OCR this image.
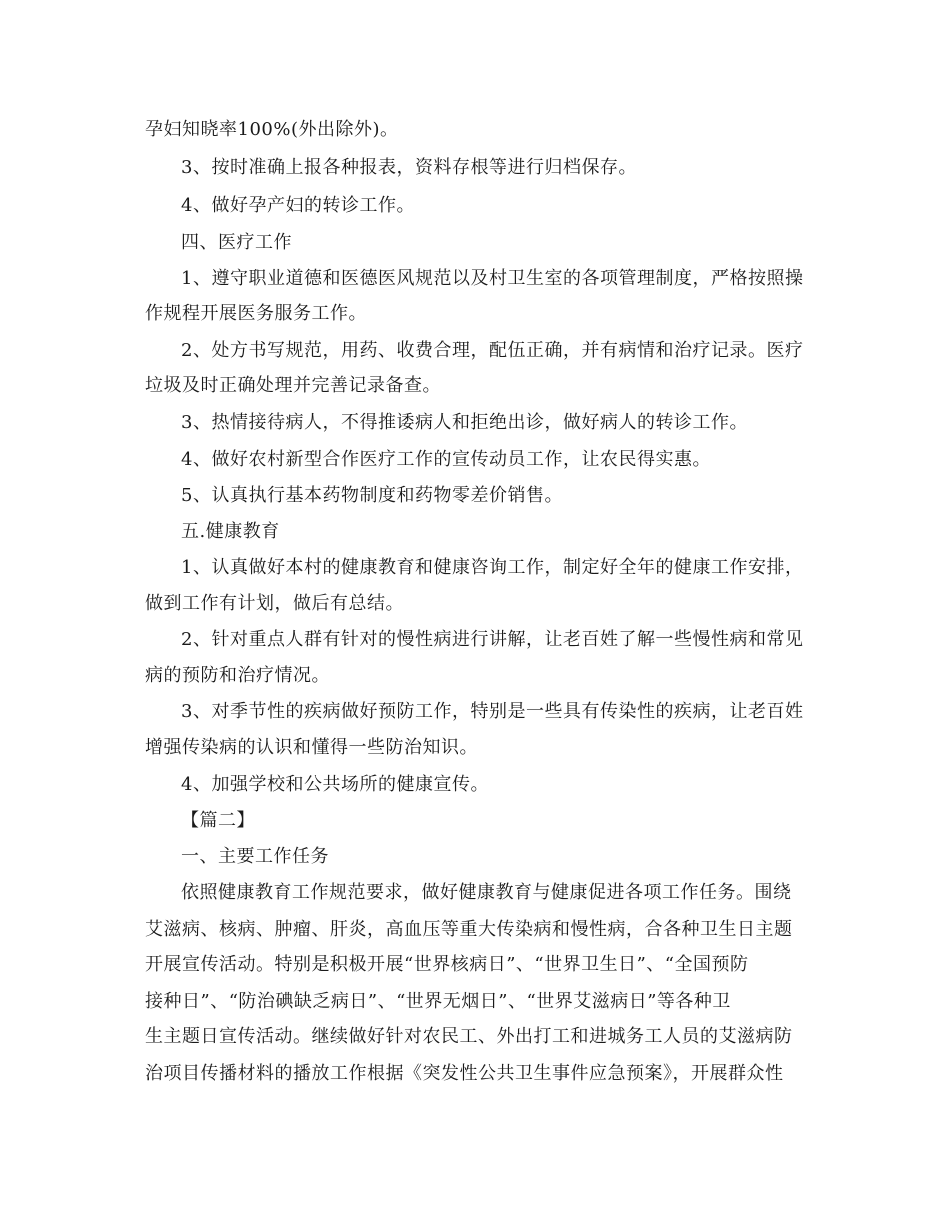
孕妇知晓率100%(外出除外)。
3、按时准确上报各种报表，资料存根等进行归档保存。
4、做好孕产妇的转诊工作。
四、医疗工作
1、遵守职业道德和医德医风规范以及村卫生室的各项管理制度，严格按照操
作规程开展医务服务工作。
2、处方书写规范，用药、收费合理，配伍正确，并有病情和治疗记录。医疗
垃圾及时正确处理并完善记录备查。
3、热情接待病人，不得推诿病人和拒绝出诊，做好病人的转诊工作。
4、做好农村新型合作医疗工作的宣传动员工作，让农民得实惠。
5、认真执行基本药物制度和药物零差价销售。
五.健康教育
1、认真做好本村的健康教育和健康咨询工作，制定好全年的健康工作安排，
做到工作有计划，做后有总结。
2、针对重点人群有针对的慢性病进行讲解，让老百姓了解一些慢性病和常见
病的预防和治疗情况。
3、对季节性的疾病做好预防工作，特别是一些具有传染性的疾病，让老百姓
增强传染病的认识和懂得一些防治知识。
4、加强学校和公共场所的健康宣传。
【篇二】
一、主要工作任务
依照健康教育工作规范要求，做好健康教育与健康促进各项工作任务。围绕
艾滋病、核病、肿瘤、肝炎，高血压等重大传染病和慢性病，合各种卫生日主题
开展宣传活动。特别是积极开展“世界核病日”、“世界卫生日”、“全国预防
接种日”、“防治碘缺乏病日”、“世界无烟日”、“世界艾滋病日”等各种卫
生主题日宣传活动。继续做好针对农民工、外出打工和进城务工人员的艾滋病防
治项目传播材料的播放工作根据《突发性公共卫生事件应急预案》，开展群众性
